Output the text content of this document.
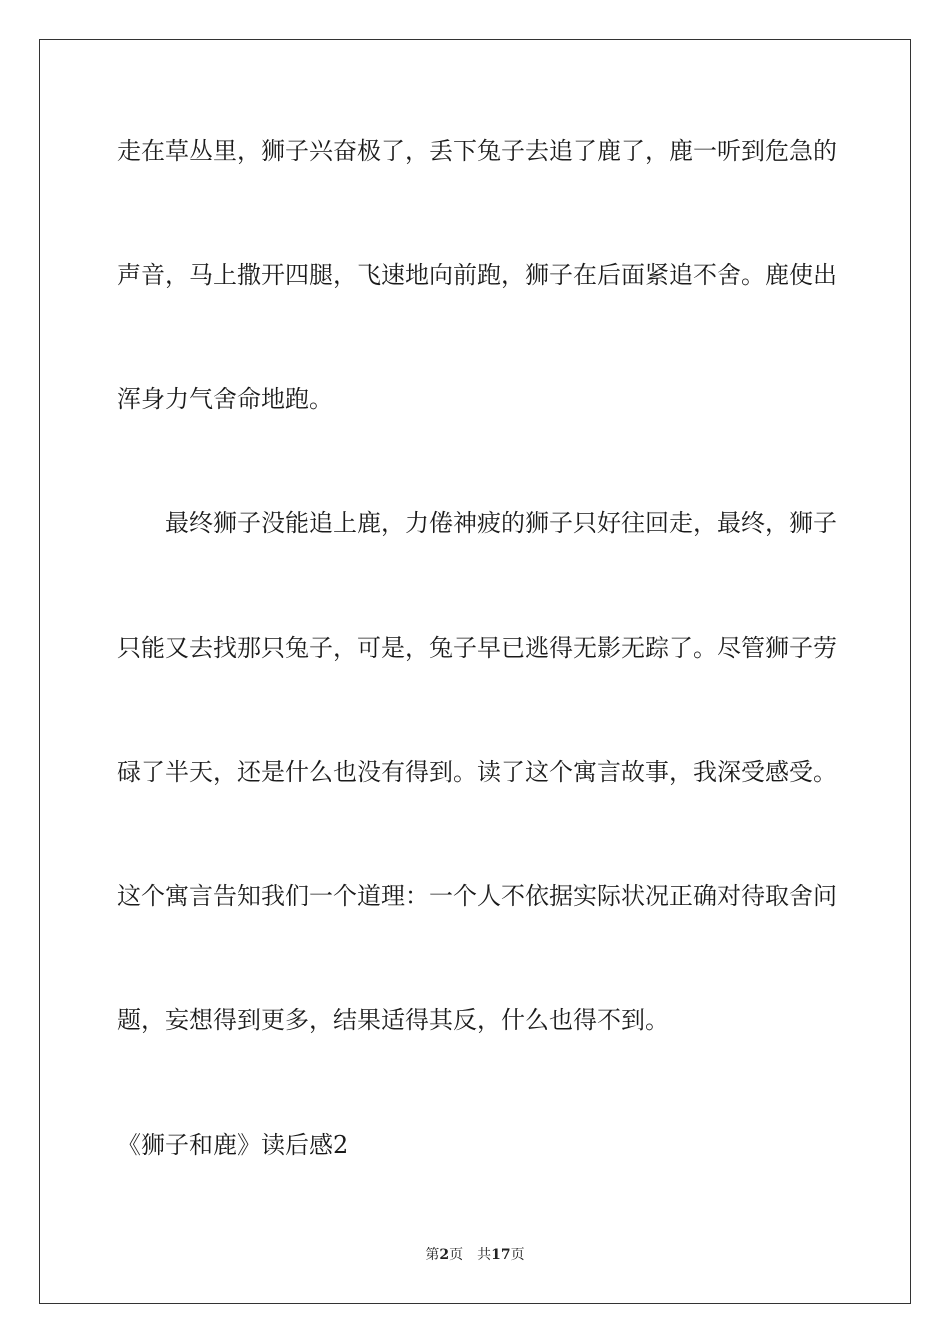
走在草丛里，狮子兴奋极了，丢下兔子去追了鹿了，鹿一听到危急的
声音，马上撒开四腿，飞速地向前跑，狮子在后面紧追不舍。鹿使出
浑身力气舍命地跑。
最终狮子没能追上鹿，力倦神疲的狮子只好往回走，最终，狮子
只能又去找那只兔子，可是，兔子早已逃得无影无踪了。尽管狮子劳
碌了半天，还是什么也没有得到。读了这个寓言故事，我深受感受。
这个寓言告知我们一个道理：一个人不依据实际状况正确对待取舍问
题，妄想得到更多，结果适得其反，什么也得不到。
《狮子和鹿》读后感2
第2页 共17页
